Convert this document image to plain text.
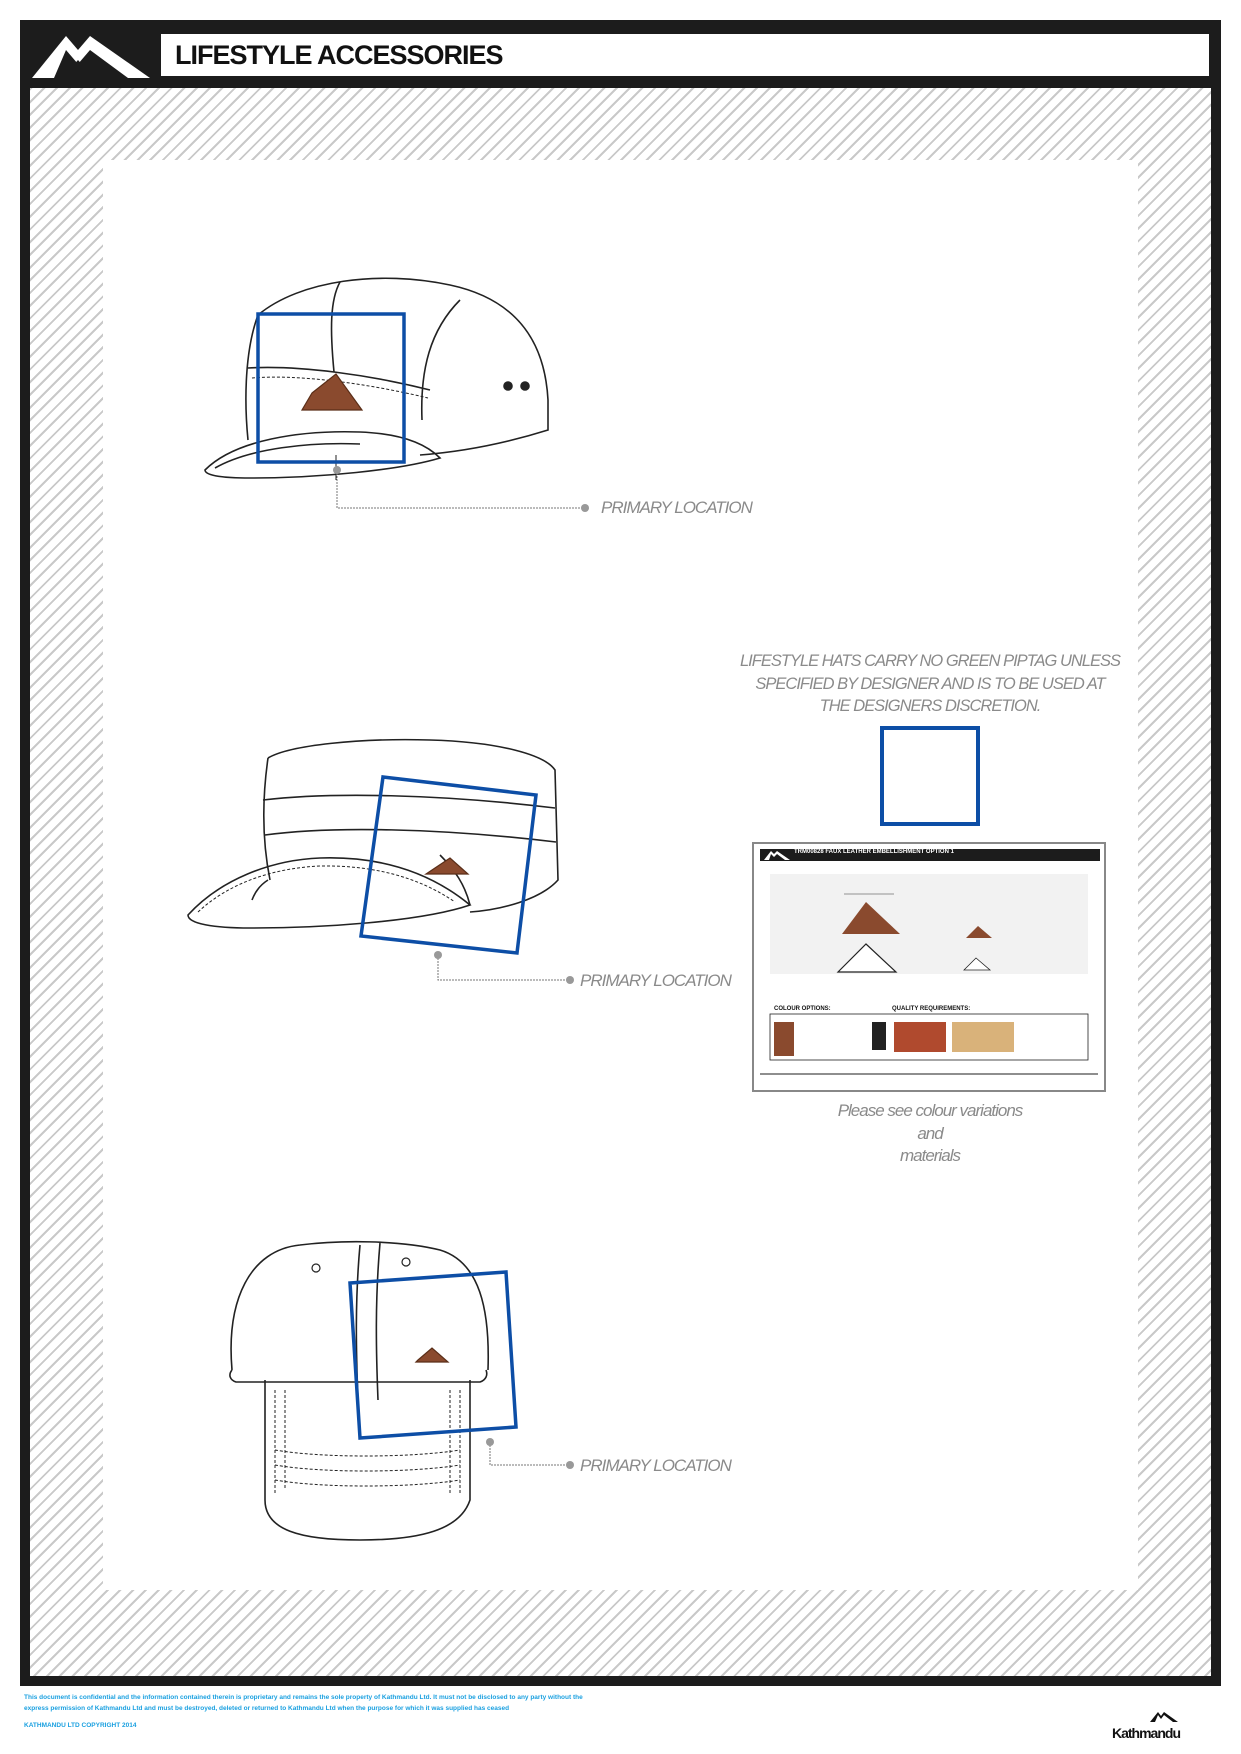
LIFESTYLE ACCESSORIES
PRIMARY LOCATION
PRIMARY LOCATION
PRIMARY LOCATION
LIFESTYLE HATS CARRY NO GREEN PIPTAG UNLESS
SPECIFIED BY DESIGNER AND IS TO BE USED AT
THE DESIGNERS DISCRETION.
TRM00828 FAUX LEATHER EMBELLISHMENT OPTION 1
COLOUR OPTIONS:	QUALITY REQUIREMENTS:
Please see colour variations
and
materials
This document is confidential and the information contained therein is proprietary and remains the sole property of Kathmandu Ltd. It must not be disclosed to any party without the
express permission of Kathmandu Ltd and must be destroyed, deleted or returned to Kathmandu Ltd when the purpose for which it was supplied has ceased
KATHMANDU LTD COPYRIGHT 2014	Kathmandu
